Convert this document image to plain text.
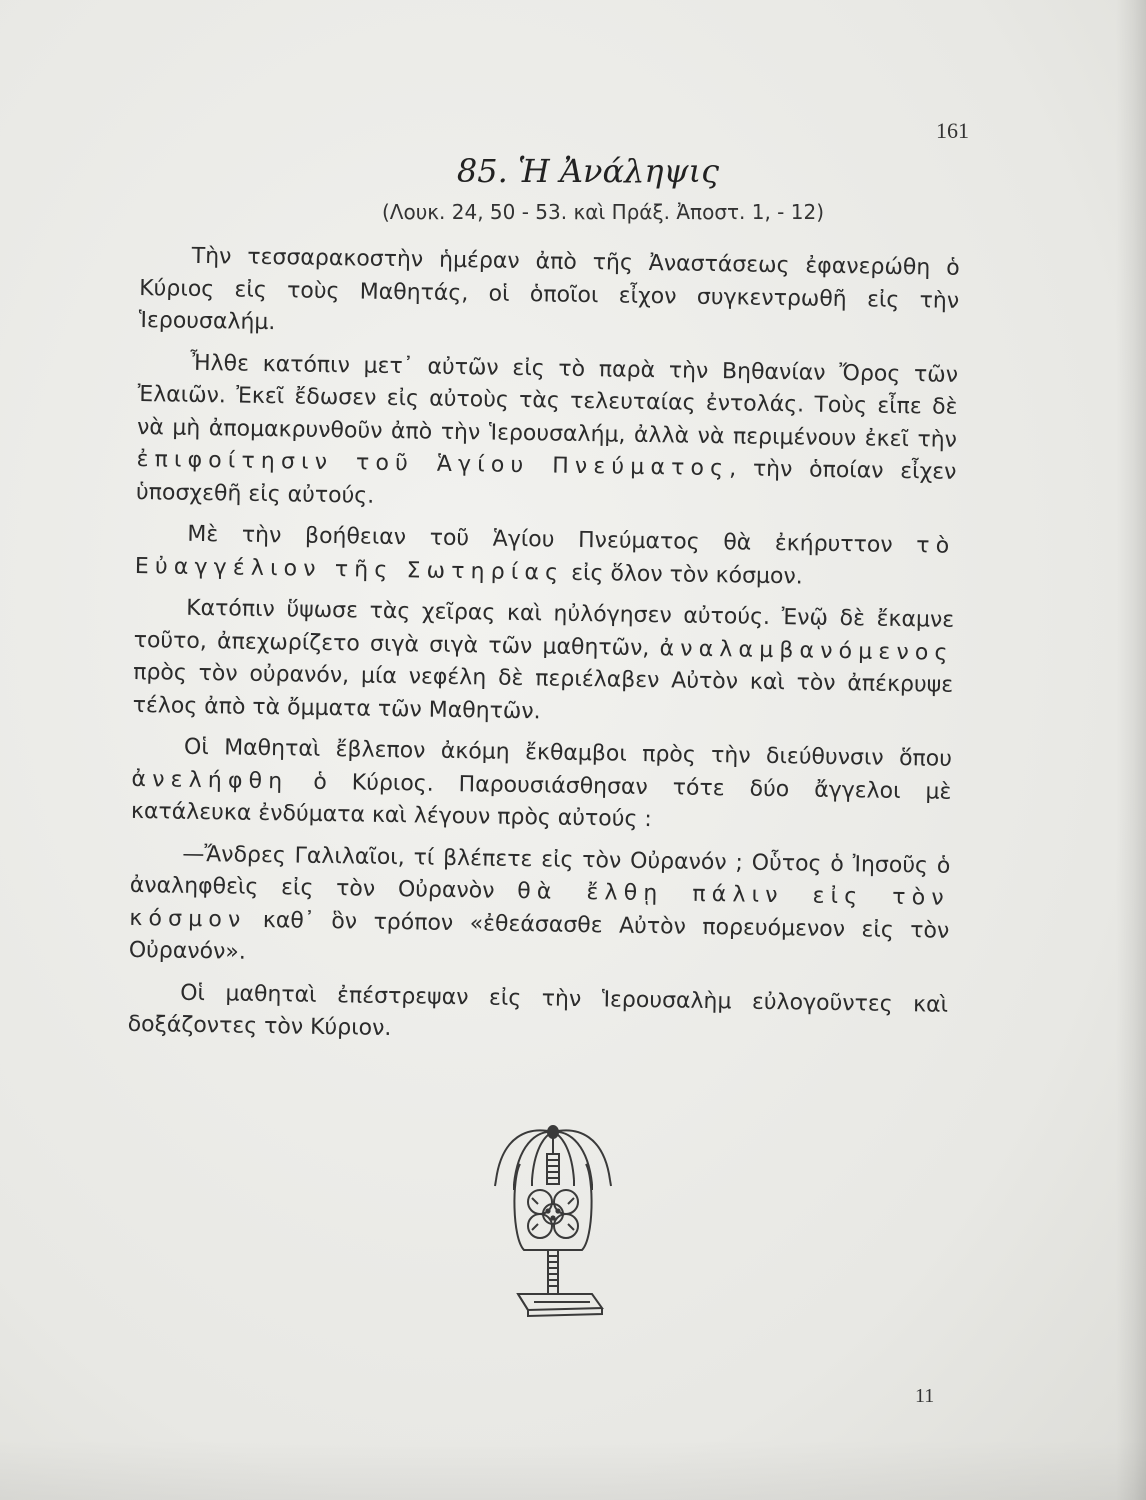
161
85. Ἡ Ἀνάληψις
(Λουκ. 24, 50 - 53. καὶ Πράξ. Ἀποστ. 1, - 12)

Τὴν τεσσαρακοστὴν ἡμέραν ἀπὸ τῆς Ἀναστάσεως ἐφανερώθη ὁ Κύριος εἰς τοὺς Μαθητάς, οἱ ὁποῖοι εἶχον συγκεντρωθῆ εἰς τὴν Ἱερουσαλήμ.

Ἦλθε κατόπιν μετ᾽ αὐτῶν εἰς τὸ παρὰ τὴν Βηθανίαν Ὄρος τῶν Ἐλαιῶν. Ἐκεῖ ἔδωσεν εἰς αὐτοὺς τὰς τελευταίας ἐντολάς. Τοὺς εἶπε δὲ νὰ μὴ ἀπομακρυνθοῦν ἀπὸ τὴν Ἱερουσαλήμ, ἀλλὰ νὰ περιμένουν ἐκεῖ τὴν ἐπιφοίτησιν τοῦ Ἁγίου Πνεύματος, τὴν ὁποίαν εἶχεν ὑποσχεθῆ εἰς αὐτούς.

Μὲ τὴν βοήθειαν τοῦ Ἁγίου Πνεύματος θὰ ἐκήρυττον τὸ Εὐαγγέλιον τῆς Σωτηρίας εἰς ὅλον τὸν κόσμον.

Κατόπιν ὕψωσε τὰς χεῖρας καὶ ηὐλόγησεν αὐτούς. Ἐνῷ δὲ ἔκαμνε τοῦτο, ἀπεχωρίζετο σιγὰ σιγὰ τῶν μαθητῶν, ἀναλαμβανόμενος πρὸς τὸν οὐρανόν, μία νεφέλη δὲ περιέλαβεν Αὐτὸν καὶ τὸν ἀπέκρυψε τέλος ἀπὸ τὰ ὄμματα τῶν Μαθητῶν.

Οἱ Μαθηταὶ ἔβλεπον ἀκόμη ἔκθαμβοι πρὸς τὴν διεύθυνσιν ὅπου ἀνελήφθη ὁ Κύριος. Παρουσιάσθησαν τότε δύο ἄγγελοι μὲ κατάλευκα ἐνδύματα καὶ λέγουν πρὸς αὐτούς :

—Ἄνδρες Γαλιλαῖοι, τί βλέπετε εἰς τὸν Οὐρανόν ; Οὗτος ὁ Ἰησοῦς ὁ ἀναληφθεὶς εἰς τὸν Οὐρανὸν θὰ ἔλθῃ πάλιν εἰς τὸν κόσμον καθ᾽ ὃν τρόπον «ἐθεάσασθε Αὐτὸν πορευόμενον εἰς τὸν Οὐρανόν».

Οἱ μαθηταὶ ἐπέστρεψαν εἰς τὴν Ἱερουσαλὴμ εὐλογοῦντες καὶ δοξάζοντες τὸν Κύριον.

11
